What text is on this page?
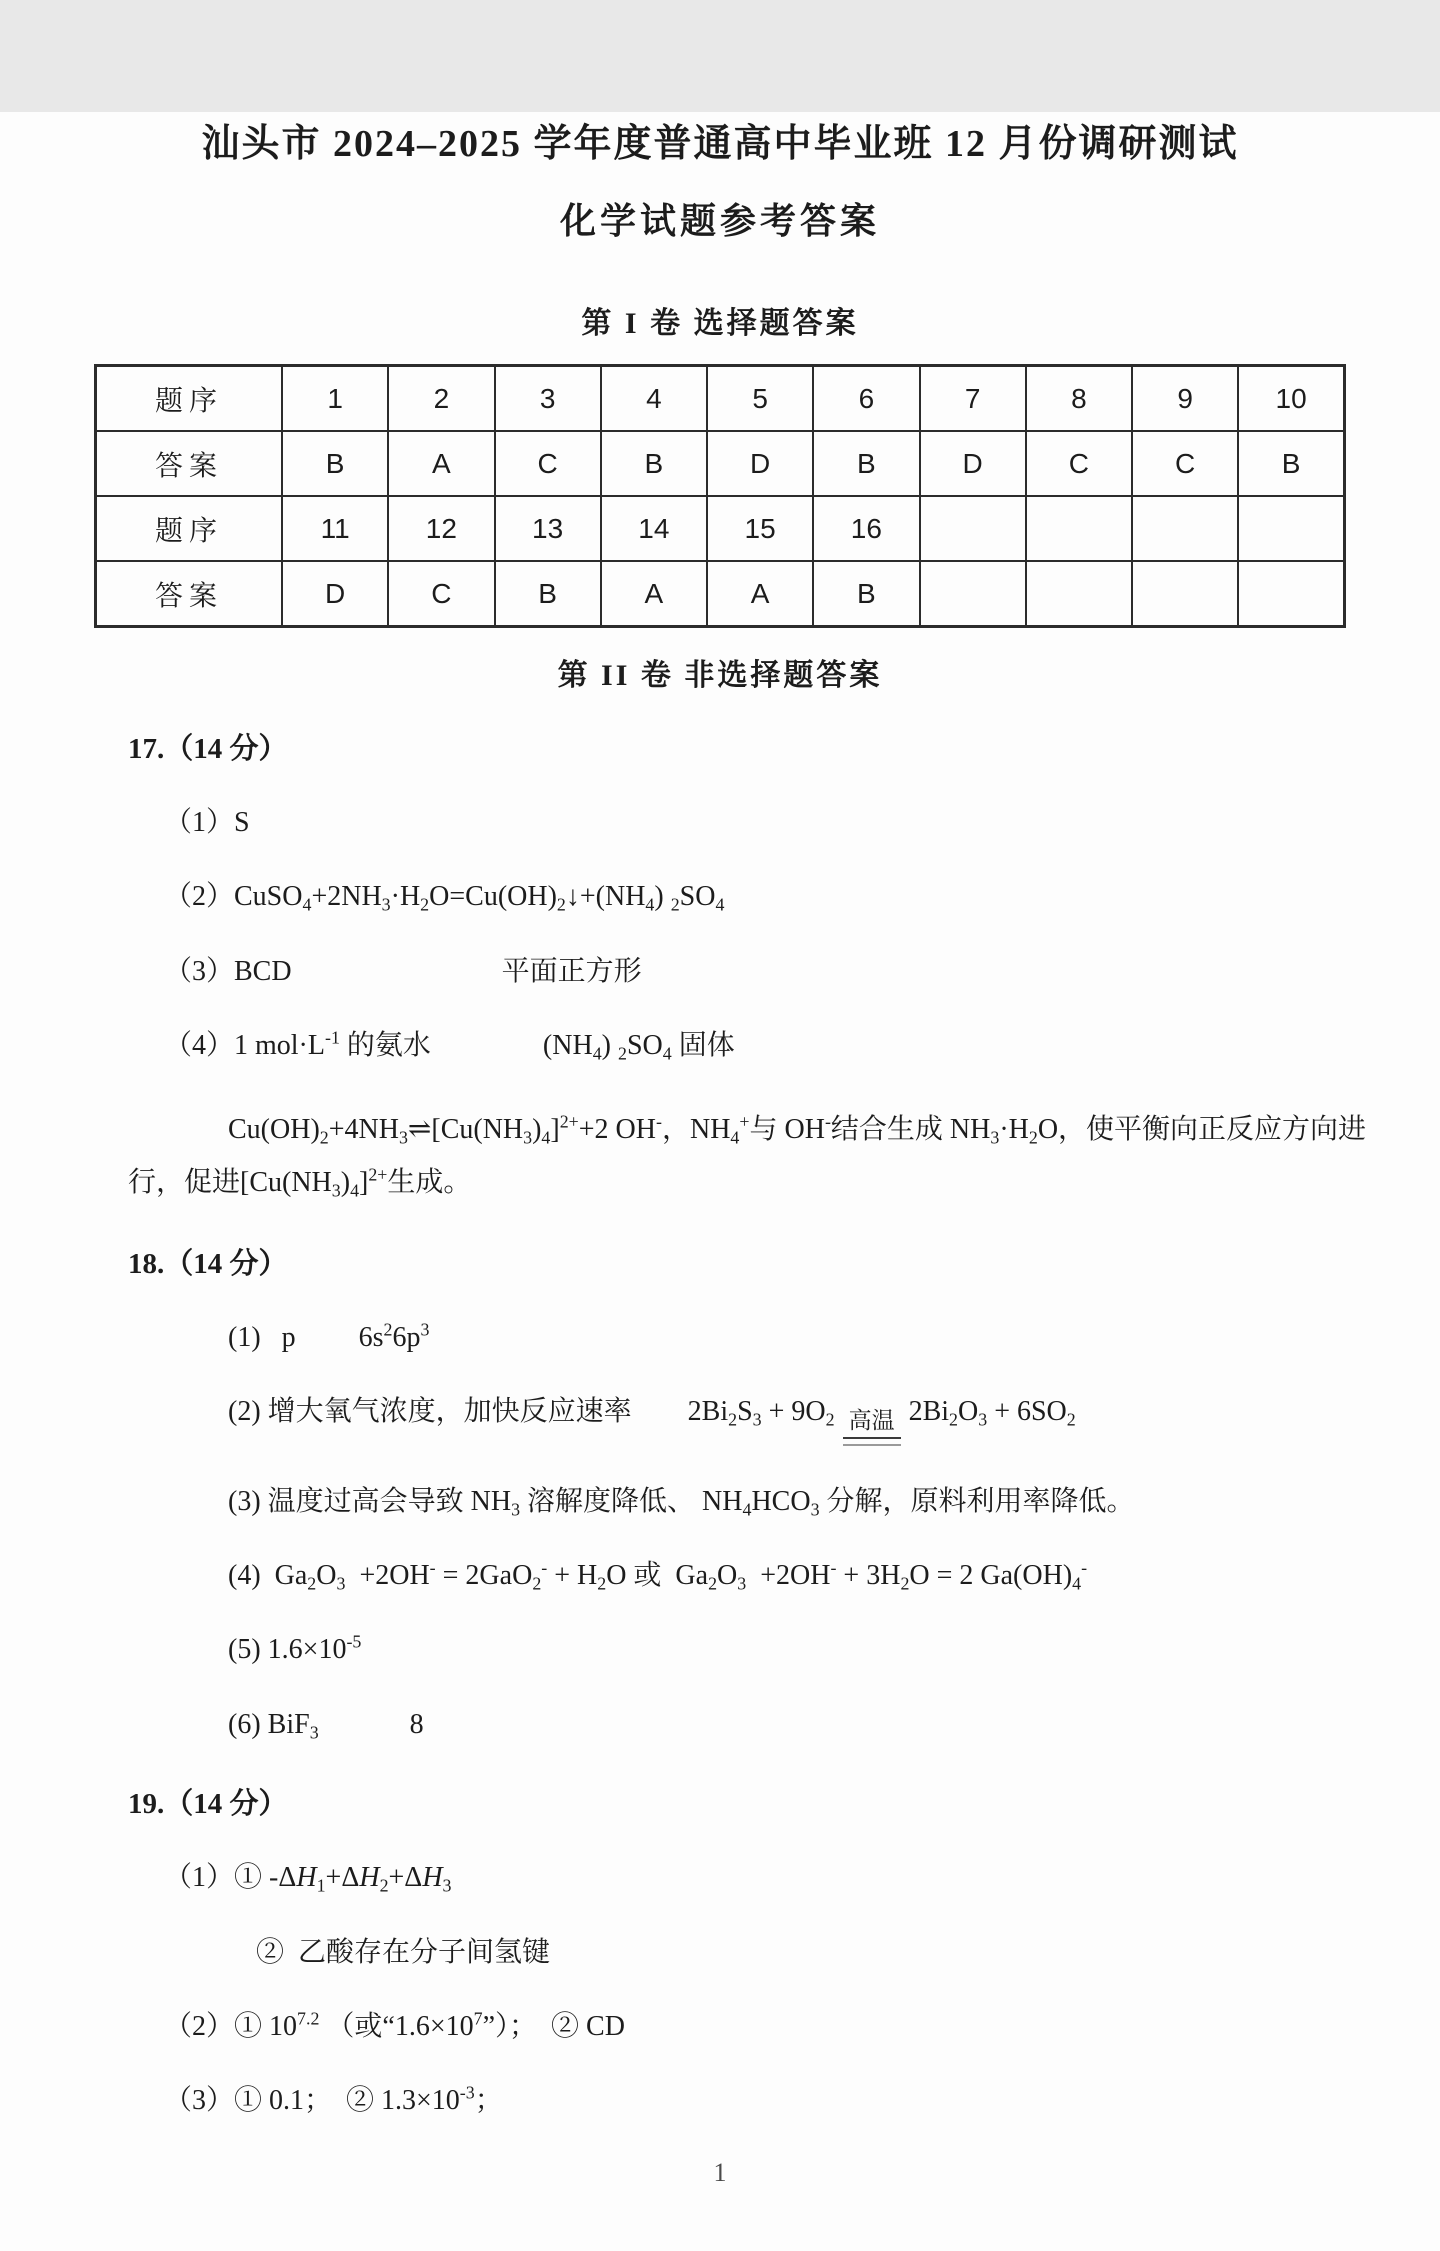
汕头市 2024–2025 学年度普通高中毕业班 12 月份调研测试
化学试题参考答案
第 I 卷 选择题答案
题序	1	2	3	4	5	6	7	8	9	10
答案	B	A	C	B	D	B	D	C	C	B
题序	11	12	13	14	15	16				
答案	D	C	B	A	A	B				
第 II 卷 非选择题答案
17.（14 分）
（1）S
$(2)CuSO_4+2NH_3\cdot H_2O=Cu(OH)_2↓+(NH_4)$ $_2SO_4$
（3）BCD                              平面正方形
（4）1 $mol\cdot L^{-1}$ 的氨水                $(NH_4)$ $_2SO_4$ 固体
$Cu(OH)_2+4NH_3\rightleftharpoons[Cu(NH_3)_4]^{2+}+2$ OH-，$NH_4^+$与 OH-结合生成 $NH_3\cdot H_2O$，使平衡向正反应方向进行，促进$[Cu(NH_3)_4]^{2+}$生成。
18.（14 分）
(1)   p         $6s^26p^3$
(2) 增大氧气浓度，加快反应速率        $2Bi_2S_3 + 9O_2$ 高温 $2Bi_2O_3 + 6SO_2$
(3) 温度过高会导致 $NH_3$ 溶解度降低、 $NH_4HCO_3$ 分解，原料利用率降低。
(4)  $Ga_2O_3 +2OH^- = 2GaO_2^- + H_2O$ 或  $Ga_2O_3 +2OH^- + 3H_2O = 2$ $Ga(OH)_4^-$
(5) $1.6\times 10^{-5}$
(6) BiF$_3$             8
19.（14 分）
（1）① $-\Delta H_1+\Delta H_2+\Delta H_3$
②  乙酸存在分子间氢键
（2）① $10^{7.2}$ （或“$1.6\times 10^7$”）；  ② CD
（3）① 0.1；  ② $1.3\times 10^{-3}$；
1
